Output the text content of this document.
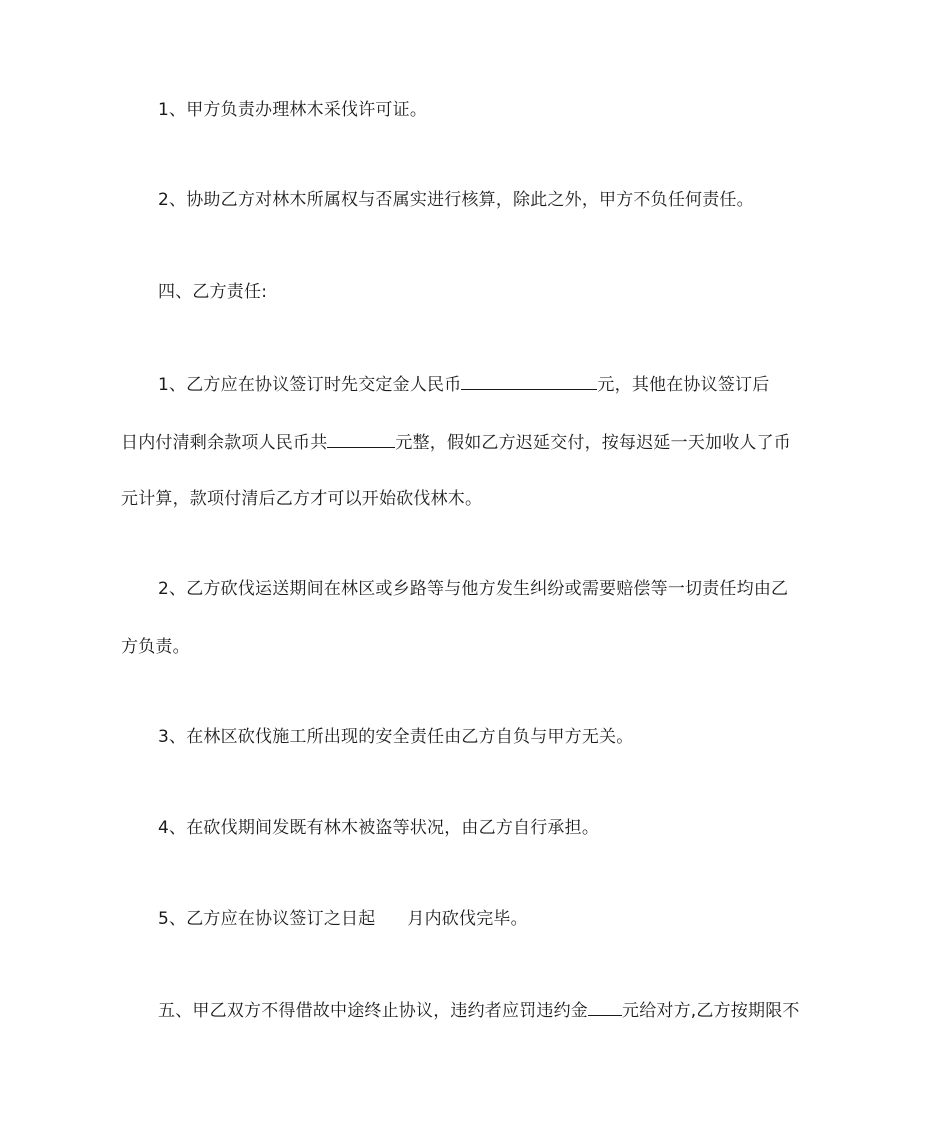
1、甲方负责办理林木采伐许可证。
2、协助乙方对林木所属权与否属实进行核算，除此之外，甲方不负任何责任。
四、乙方责任:
1、乙方应在协议签订时先交定金人民币	元，其他在协议签订后
日内付清剩余款项人民币共	元整，假如乙方迟延交付，按每迟延一天加收人了币
元计算，款项付清后乙方才可以开始砍伐林木。
2、乙方砍伐运送期间在林区或乡路等与他方发生纠纷或需要赔偿等一切责任均由乙
方负责。
3、在林区砍伐施工所出现的安全责任由乙方自负与甲方无关。
4、在砍伐期间发既有林木被盗等状况，由乙方自行承担。
5、乙方应在协议签订之日起 月内砍伐完毕。
五、甲乙双方不得借故中途终止协议，违约者应罚违约金 元给对方,乙方按期限不
